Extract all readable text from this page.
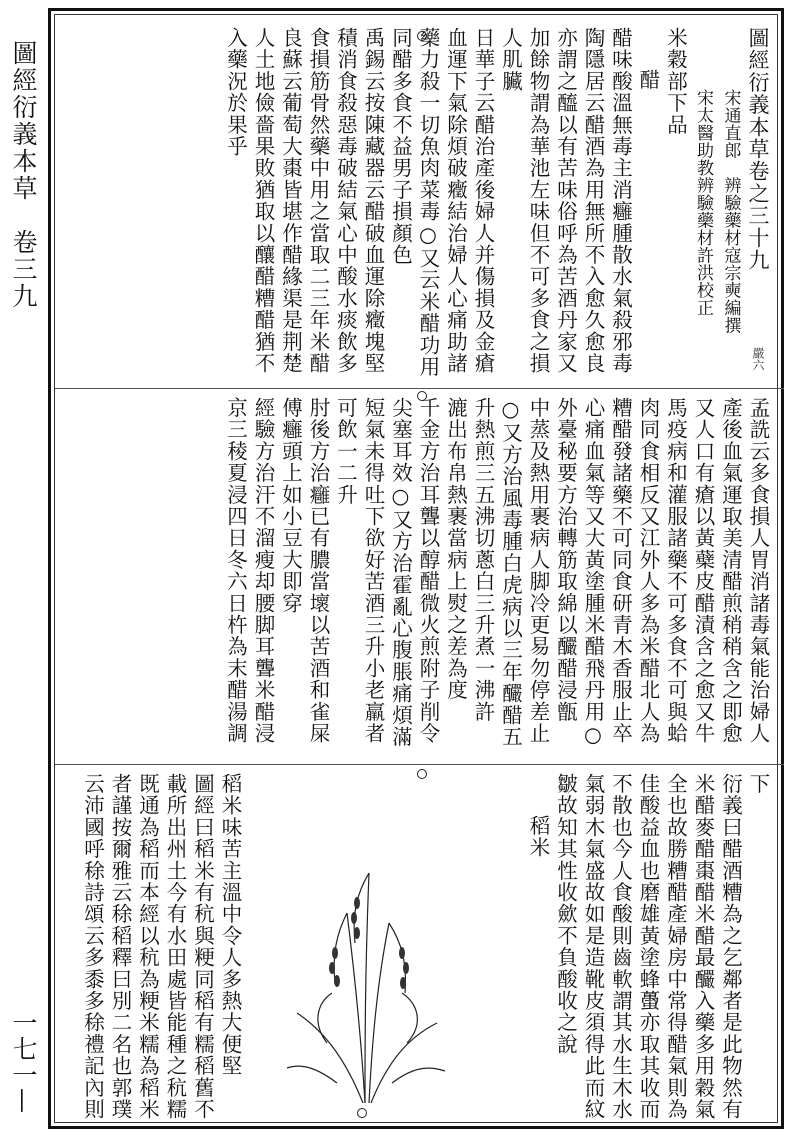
圖經衍義本草　卷三九
一七一—
圖經衍義本草卷之三十九
宋通直郎　辨驗藥材寇宗奭編撰
宋太醫助教辨驗藥材許洪校正
米穀部下品
醋
醋味酸溫無毒主消癰腫散水氣殺邪毒
陶隱居云醋酒為用無所不入愈久愈良
亦謂之醯以有苦味俗呼為苦酒丹家又
加餘物謂為華池左味但不可多食之損
人肌臟
日華子云醋治產後婦人并傷損及金瘡
血運下氣除煩破癥結治婦人心痛助諸
藥力殺一切魚肉菜毒○又云米醋功用
同醋多食不益男子損顏色
禹錫云按陳藏器云醋破血運除癥塊堅
積消食殺惡毒破結氣心中酸水痰飲多
食損筋骨然藥中用之當取二三年米醋
良蘇云葡萄大棗皆堪作醋緣渠是荆楚
人土地儉嗇果敗猶取以釀醋糟醋猶不
入藥況於果乎
嚴六
孟詵云多食損人胃消諸毒氣能治婦人
產後血氣運取美清醋煎稍稍含之即愈
又人口有瘡以黃蘗皮醋漬含之愈又牛
馬疫病和灌服諸藥不可多食不可與蛤
肉同食相反又江外人多為米醋北人為
糟醋發諸藥不可同食研青木香服止卒
心痛血氣等又大黃塗腫米醋飛丹用○
外臺秘要方治轉筋取綿以釅醋浸甑
中蒸及熱用裹病人脚冷更易勿停差止
○又方治風毒腫白虎病以三年釅醋五
升熱煎三五沸切蔥白三升煮一沸許
漉出布帛熱裹當病上熨之差為度
千金方治耳聾以醇醋微火煎附子削令
尖塞耳效○又方治霍亂心腹脹痛煩滿
短氣未得吐下欲好苦酒三升小老羸者
可飲一二升
肘後方治癰已有膿當壞以苦酒和雀屎
傅癰頭上如小豆大即穿
經驗方治汗不溜瘦却腰脚耳聾米醋浸
京三稜夏浸四日冬六日杵為末醋湯調
下
衍義曰醋酒糟為之乞鄰者是此物然有
米醋麥醋棗醋米醋最釅入藥多用穀氣
全也故勝糟醋產婦房中常得醋氣則為
佳酸益血也磨雄黃塗蜂蠆亦取其收而
不散也今人食酸則齒軟謂其水生木水
氣弱木氣盛故如是造靴皮須得此而紋
皺故知其性收歛不負酸收之說
稻米
稻米味苦主溫中令人多熱大便堅
圖經曰稻米有秔與粳同稻有糯稻舊不
載所出州土今有水田處皆能種之秔糯
既通為稻而本經以秔為粳米糯為稻米
者謹按爾雅云稌稻釋曰別二名也郭璞
云沛國呼稌詩頌云多黍多稌禮記內則
